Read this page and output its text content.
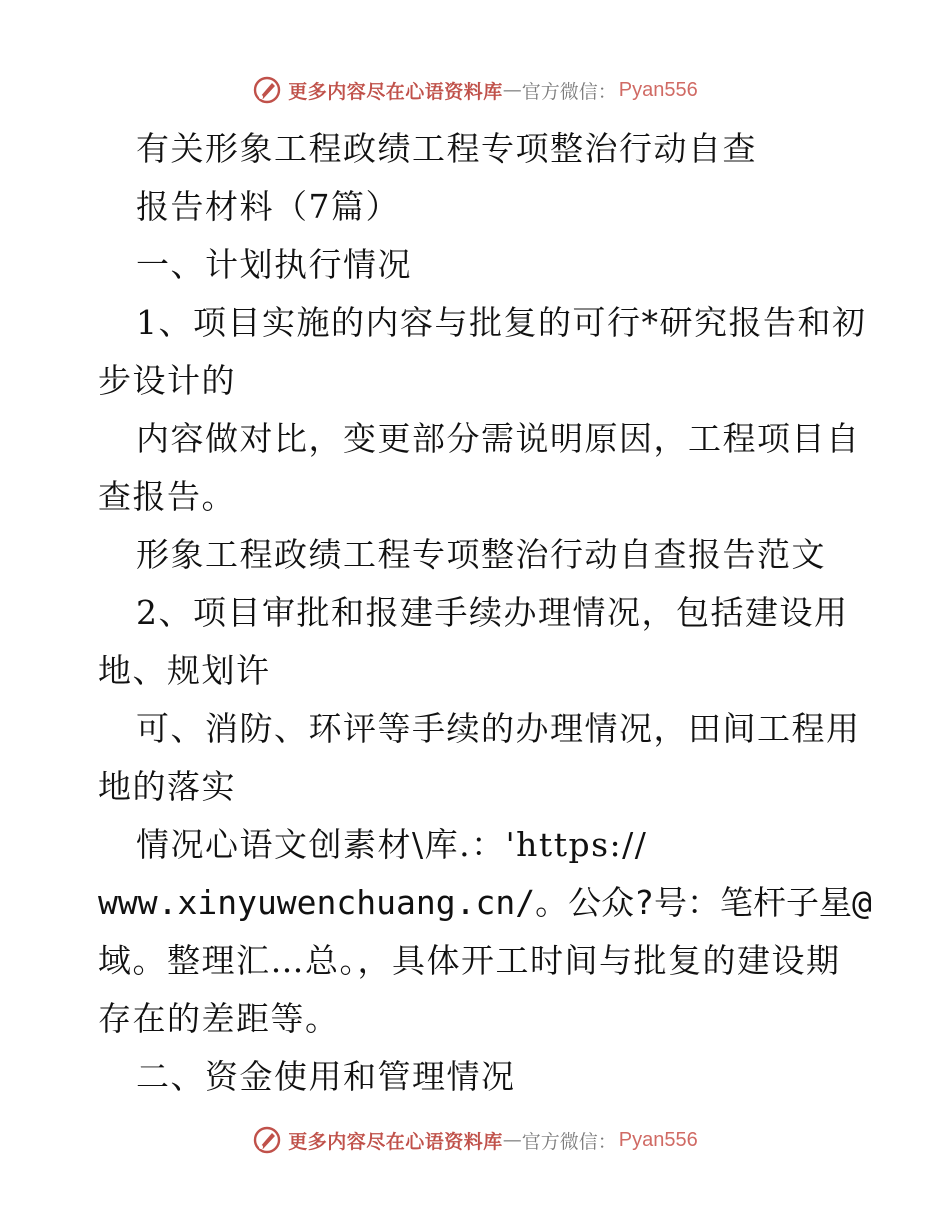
更多内容尽在心语资料库 — 官方微信： Pyan556
有关形象工程政绩工程专项整治行动自查
报告材料（7篇）
一、计划执行情况
1、项目实施的内容与批复的可行*研究报告和初
步设计的
内容做对比，变更部分需说明原因，工程项目自
查报告。
形象工程政绩工程专项整治行动自查报告范文
2、项目审批和报建手续办理情况，包括建设用
地、规划许
可、消防、环评等手续的办理情况，田间工程用
地的落实
情况心语文创素材\库.：'https://
www.xinyuwenchuang.cn/。公众?号：笔杆子星@
域。整理汇…总。，具体开工时间与批复的建设期
存在的差距等。
二、资金使用和管理情况
更多内容尽在心语资料库 — 官方微信： Pyan556
